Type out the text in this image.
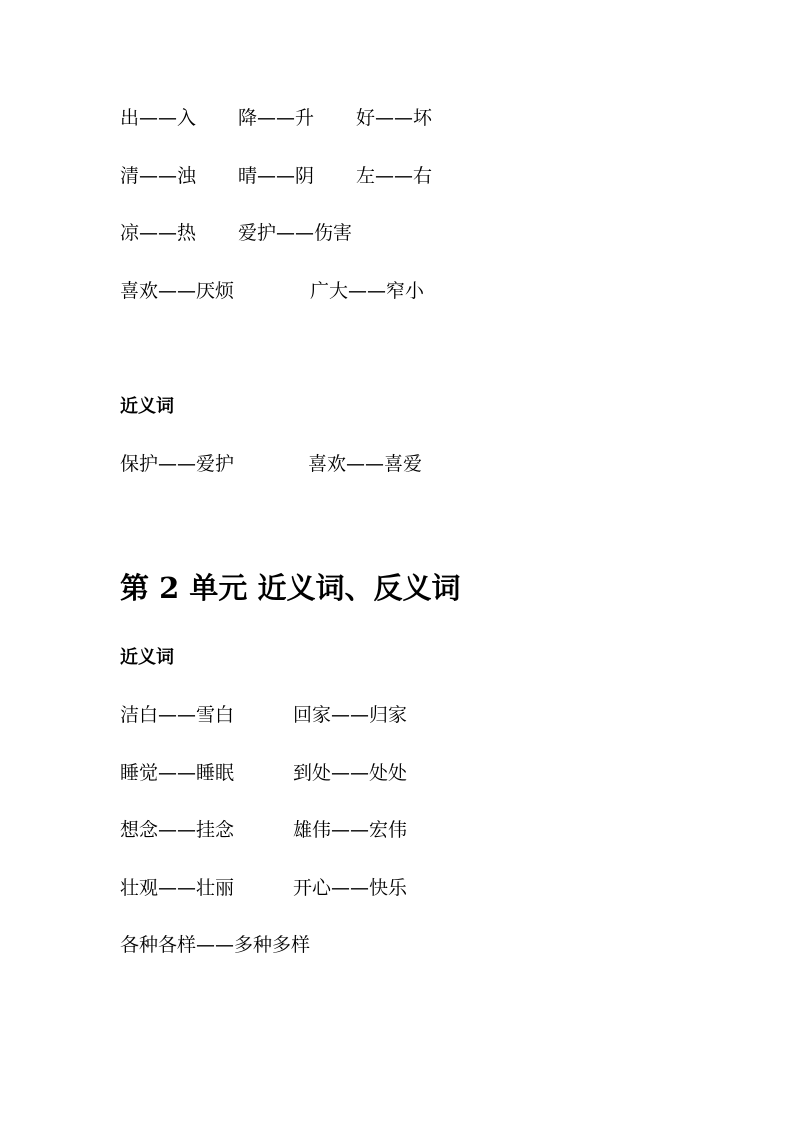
出——入 降——升 好——坏
清——浊 晴——阴 左——右
凉——热 爱护——伤害
喜欢——厌烦	广大——窄小
近义词
保护——爱护	喜欢——喜爱
第 2 单元 近义词、反义词
近义词
洁白——雪白	回家——归家
睡觉——睡眠	到处——处处
想念——挂念	雄伟——宏伟
壮观——壮丽	开心——快乐
各种各样——多种多样
